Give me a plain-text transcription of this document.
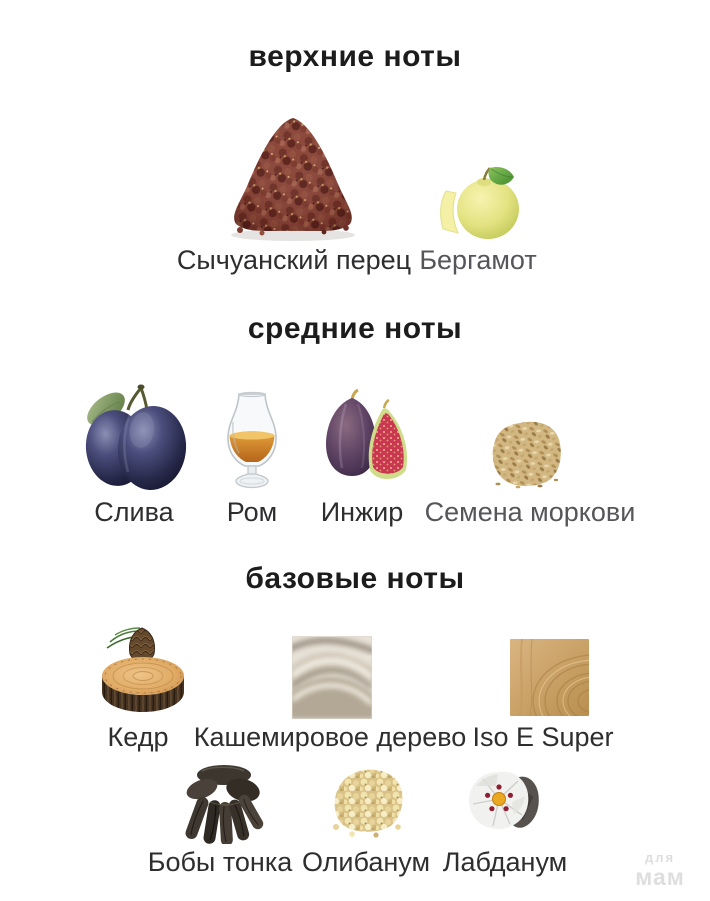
верхние ноты
Сычуанский перец Бергамот
средние ноты
Слива Ром Инжир Семена моркови
базовые ноты
Кедр Кашемировое дерево Iso E Super
Бобы тонка Олибанум Лабданум	для
мам
